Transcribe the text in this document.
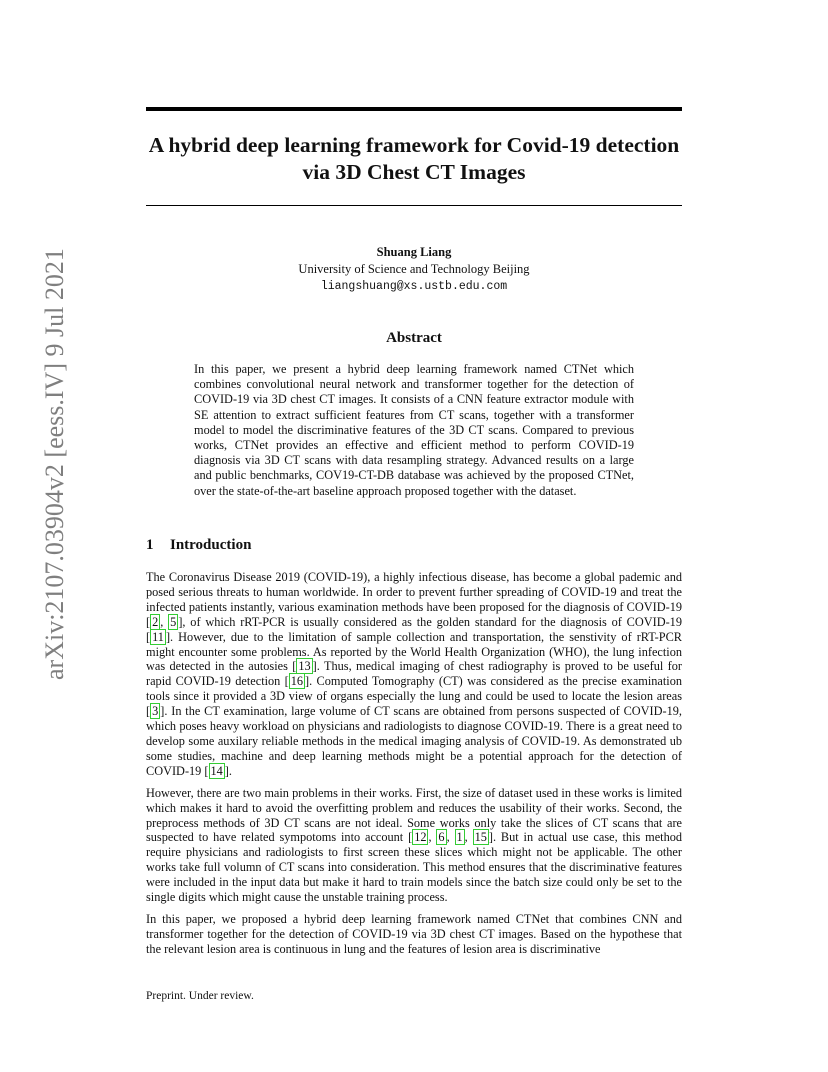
arXiv:2107.03904v2 [eess.IV] 9 Jul 2021
A hybrid deep learning framework for Covid-19 detection via 3D Chest CT Images
Shuang Liang
University of Science and Technology Beijing
liangshuang@xs.ustb.edu.com
Abstract

In this paper, we present a hybrid deep learning framework named CTNet which combines convolutional neural network and transformer together for the detection of COVID-19 via 3D chest CT images. It consists of a CNN feature extractor module with SE attention to extract sufficient features from CT scans, together with a transformer model to model the discriminative features of the 3D CT scans. Compared to previous works, CTNet provides an effective and efficient method to perform COVID-19 diagnosis via 3D CT scans with data resampling strategy. Advanced results on a large and public benchmarks, COV19-CT-DB database was achieved by the proposed CTNet, over the state-of-the-art baseline approach proposed together with the dataset.

1 Introduction

The Coronavirus Disease 2019 (COVID-19), a highly infectious disease, has become a global pademic and posed serious threats to human worldwide. In order to prevent further spreading of COVID-19 and treat the infected patients instantly, various examination methods have been proposed for the diagnosis of COVID-19 [ 2 , 5 ], of which rRT-PCR is usually considered as the golden standard for the diagnosis of COVID-19 [ 11 ]. However, due to the limitation of sample collection and transportation, the senstivity of rRT-PCR might encounter some problems. As reported by the World Health Organization (WHO), the lung infection was detected in the autosies [ 13 ]. Thus, medical imaging of chest radiography is proved to be useful for rapid COVID-19 detection [ 16 ]. Computed Tomography (CT) was considered as the precise examination tools since it provided a 3D view of organs especially the lung and could be used to locate the lesion areas [ 3 ]. In the CT examination, large volume of CT scans are obtained from persons suspected of COVID-19, which poses heavy workload on physicians and radiologists to diagnose COVID-19. There is a great need to develop some auxilary reliable methods in the medical imaging analysis of COVID-19. As demonstrated ub some studies, machine and deep learning methods might be a potential approach for the detection of COVID-19 [ 14 ].

However, there are two main problems in their works. First, the size of dataset used in these works is limited which makes it hard to avoid the overfitting problem and reduces the usability of their works. Second, the preprocess methods of 3D CT scans are not ideal. Some works only take the slices of CT scans that are suspected to have related sympotoms into account [ 12 , 6 , 1 , 15 ]. But in actual use case, this method require physicians and radiologists to first screen these slices which might not be applicable. The other works take full volumn of CT scans into consideration. This method ensures that the discriminative features were included in the input data but make it hard to train models since the batch size could only be set to the single digits which might cause the unstable training process.

In this paper, we proposed a hybrid deep learning framework named CTNet that combines CNN and transformer together for the detection of COVID-19 via 3D chest CT images. Based on the hypothese that the relevant lesion area is continuous in lung and the features of lesion area is discriminative

Preprint. Under review.
